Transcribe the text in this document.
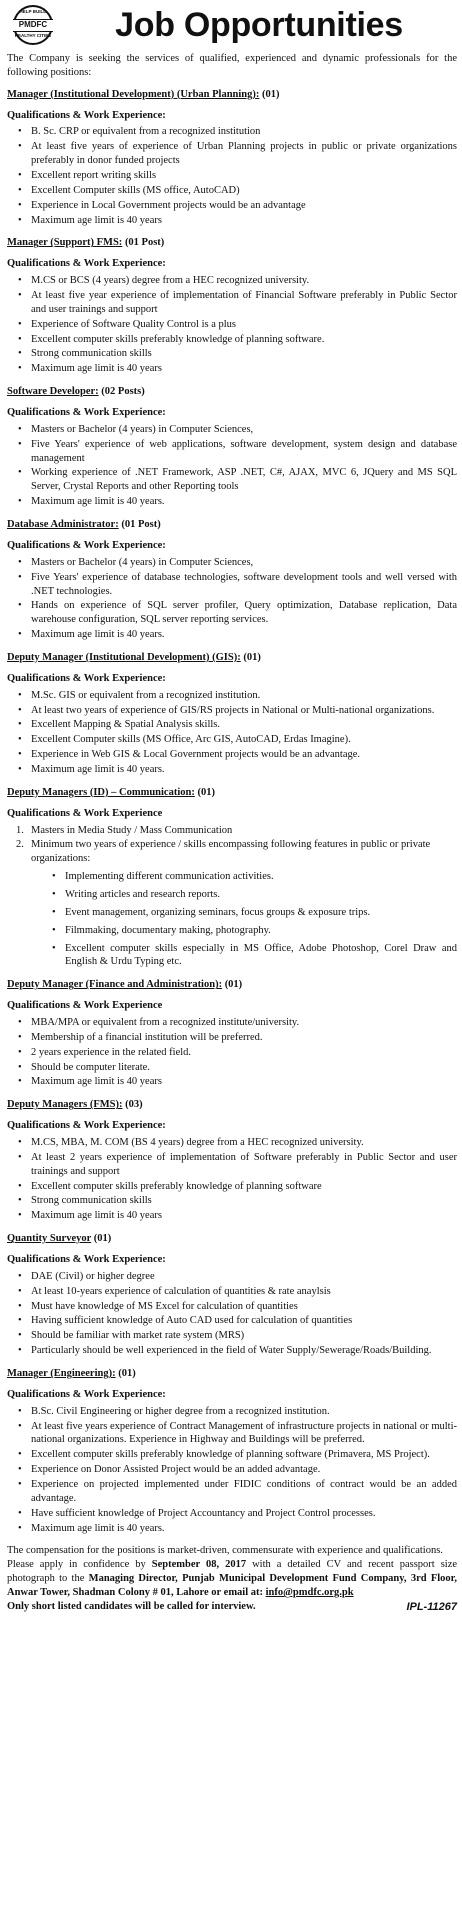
HELP BUILD
PMDFC
HEALTHY CITIES	Job Opportunities
The Company is seeking the services of qualified, experienced and dynamic professionals for the following positions:
Manager (Institutional Development) (Urban Planning): (01)
Qualifications & Work Experience:
• B. Sc. CRP or equivalent from a recognized institution
• At least five years of experience of Urban Planning projects in public or private organizations preferably in donor funded projects
• Excellent report writing skills
• Excellent Computer skills (MS office, AutoCAD)
• Experience in Local Government projects would be an advantage
• Maximum age limit is 40 years
Manager (Support) FMS: (01 Post)
Qualifications & Work Experience:
• M.CS or BCS (4 years) degree from a HEC recognized university.
• At least five year experience of implementation of Financial Software preferably in Public Sector and user trainings and support
• Experience of Software Quality Control is a plus
• Excellent computer skills preferably knowledge of planning software.
• Strong communication skills
• Maximum age limit is 40 years
Software Developer: (02 Posts)
Qualifications & Work Experience:
• Masters or Bachelor (4 years) in Computer Sciences,
• Five Years' experience of web applications, software development, system design and database management
• Working experience of .NET Framework, ASP .NET, C#, AJAX, MVC 6, JQuery and MS SQL Server, Crystal Reports and other Reporting tools
• Maximum age limit is 40 years.
Database Administrator: (01 Post)
Qualifications & Work Experience:
• Masters or Bachelor (4 years) in Computer Sciences,
• Five Years' experience of database technologies, software development tools and well versed with .NET technologies.
• Hands on experience of SQL server profiler, Query optimization, Database replication, Data warehouse configuration, SQL server reporting services.
• Maximum age limit is 40 years.
Deputy Manager (Institutional Development) (GIS): (01)
Qualifications & Work Experience:
• M.Sc. GIS or equivalent from a recognized institution.
• At least two years of experience of GIS/RS projects in National or Multi-national organizations.
• Excellent Mapping & Spatial Analysis skills.
• Excellent Computer skills (MS Office, Arc GIS, AutoCAD, Erdas Imagine).
• Experience in Web GIS & Local Government projects would be an advantage.
• Maximum age limit is 40 years.
Deputy Managers (ID) – Communication: (01)
Qualifications & Work Experience
1. Masters in Media Study / Mass Communication
2. Minimum two years of experience / skills encompassing following features in public or private organizations:
• Implementing different communication activities.
• Writing articles and research reports.
• Event management, organizing seminars, focus groups & exposure trips.
• Filmmaking, documentary making, photography.
• Excellent computer skills especially in MS Office, Adobe Photoshop, Corel Draw and English & Urdu Typing etc.
Deputy Manager (Finance and Administration): (01)
Qualifications & Work Experience
• MBA/MPA or equivalent from a recognized institute/university.
• Membership of a financial institution will be preferred.
• 2 years experience in the related field.
• Should be computer literate.
• Maximum age limit is 40 years
Deputy Managers (FMS): (03)
Qualifications & Work Experience:
• M.CS, MBA, M. COM (BS 4 years) degree from a HEC recognized university.
• At least 2 years experience of implementation of Software preferably in Public Sector and user trainings and support
• Excellent computer skills preferably knowledge of planning software
• Strong communication skills
• Maximum age limit is 40 years
Quantity Surveyor (01)
Qualifications & Work Experience:
• DAE (Civil) or higher degree
• At least 10-years experience of calculation of quantities & rate anaylsis
• Must have knowledge of MS Excel for calculation of quantities
• Having sufficient knowledge of Auto CAD used for calculation of quantities
• Should be familiar with market rate system (MRS)
• Particularly should be well experienced in the field of Water Supply/Sewerage/Roads/Building.
Manager (Engineering): (01)
Qualifications & Work Experience:
• B.Sc. Civil Engineering or higher degree from a recognized institution.
• At least five years experience of Contract Management of infrastructure projects in national or multi-national organizations. Experience in Highway and Buildings will be preferred.
• Excellent computer skills preferably knowledge of planning software (Primavera, MS Project).
• Experience on Donor Assisted Project would be an added advantage.
• Experience on projected implemented under FIDIC conditions of contract would be an added advantage.
• Have sufficient knowledge of Project Accountancy and Project Control processes.
• Maximum age limit is 40 years.
The compensation for the positions is market-driven, commensurate with experience and qualifications.
Please apply in confidence by September 08, 2017 with a detailed CV and recent passport size photograph to the Managing Director, Punjab Municipal Development Fund Company, 3rd Floor, Anwar Tower, Shadman Colony # 01, Lahore or email at: info@pmdfc.org.pk
Only short listed candidates will be called for interview.	IPL-11267
